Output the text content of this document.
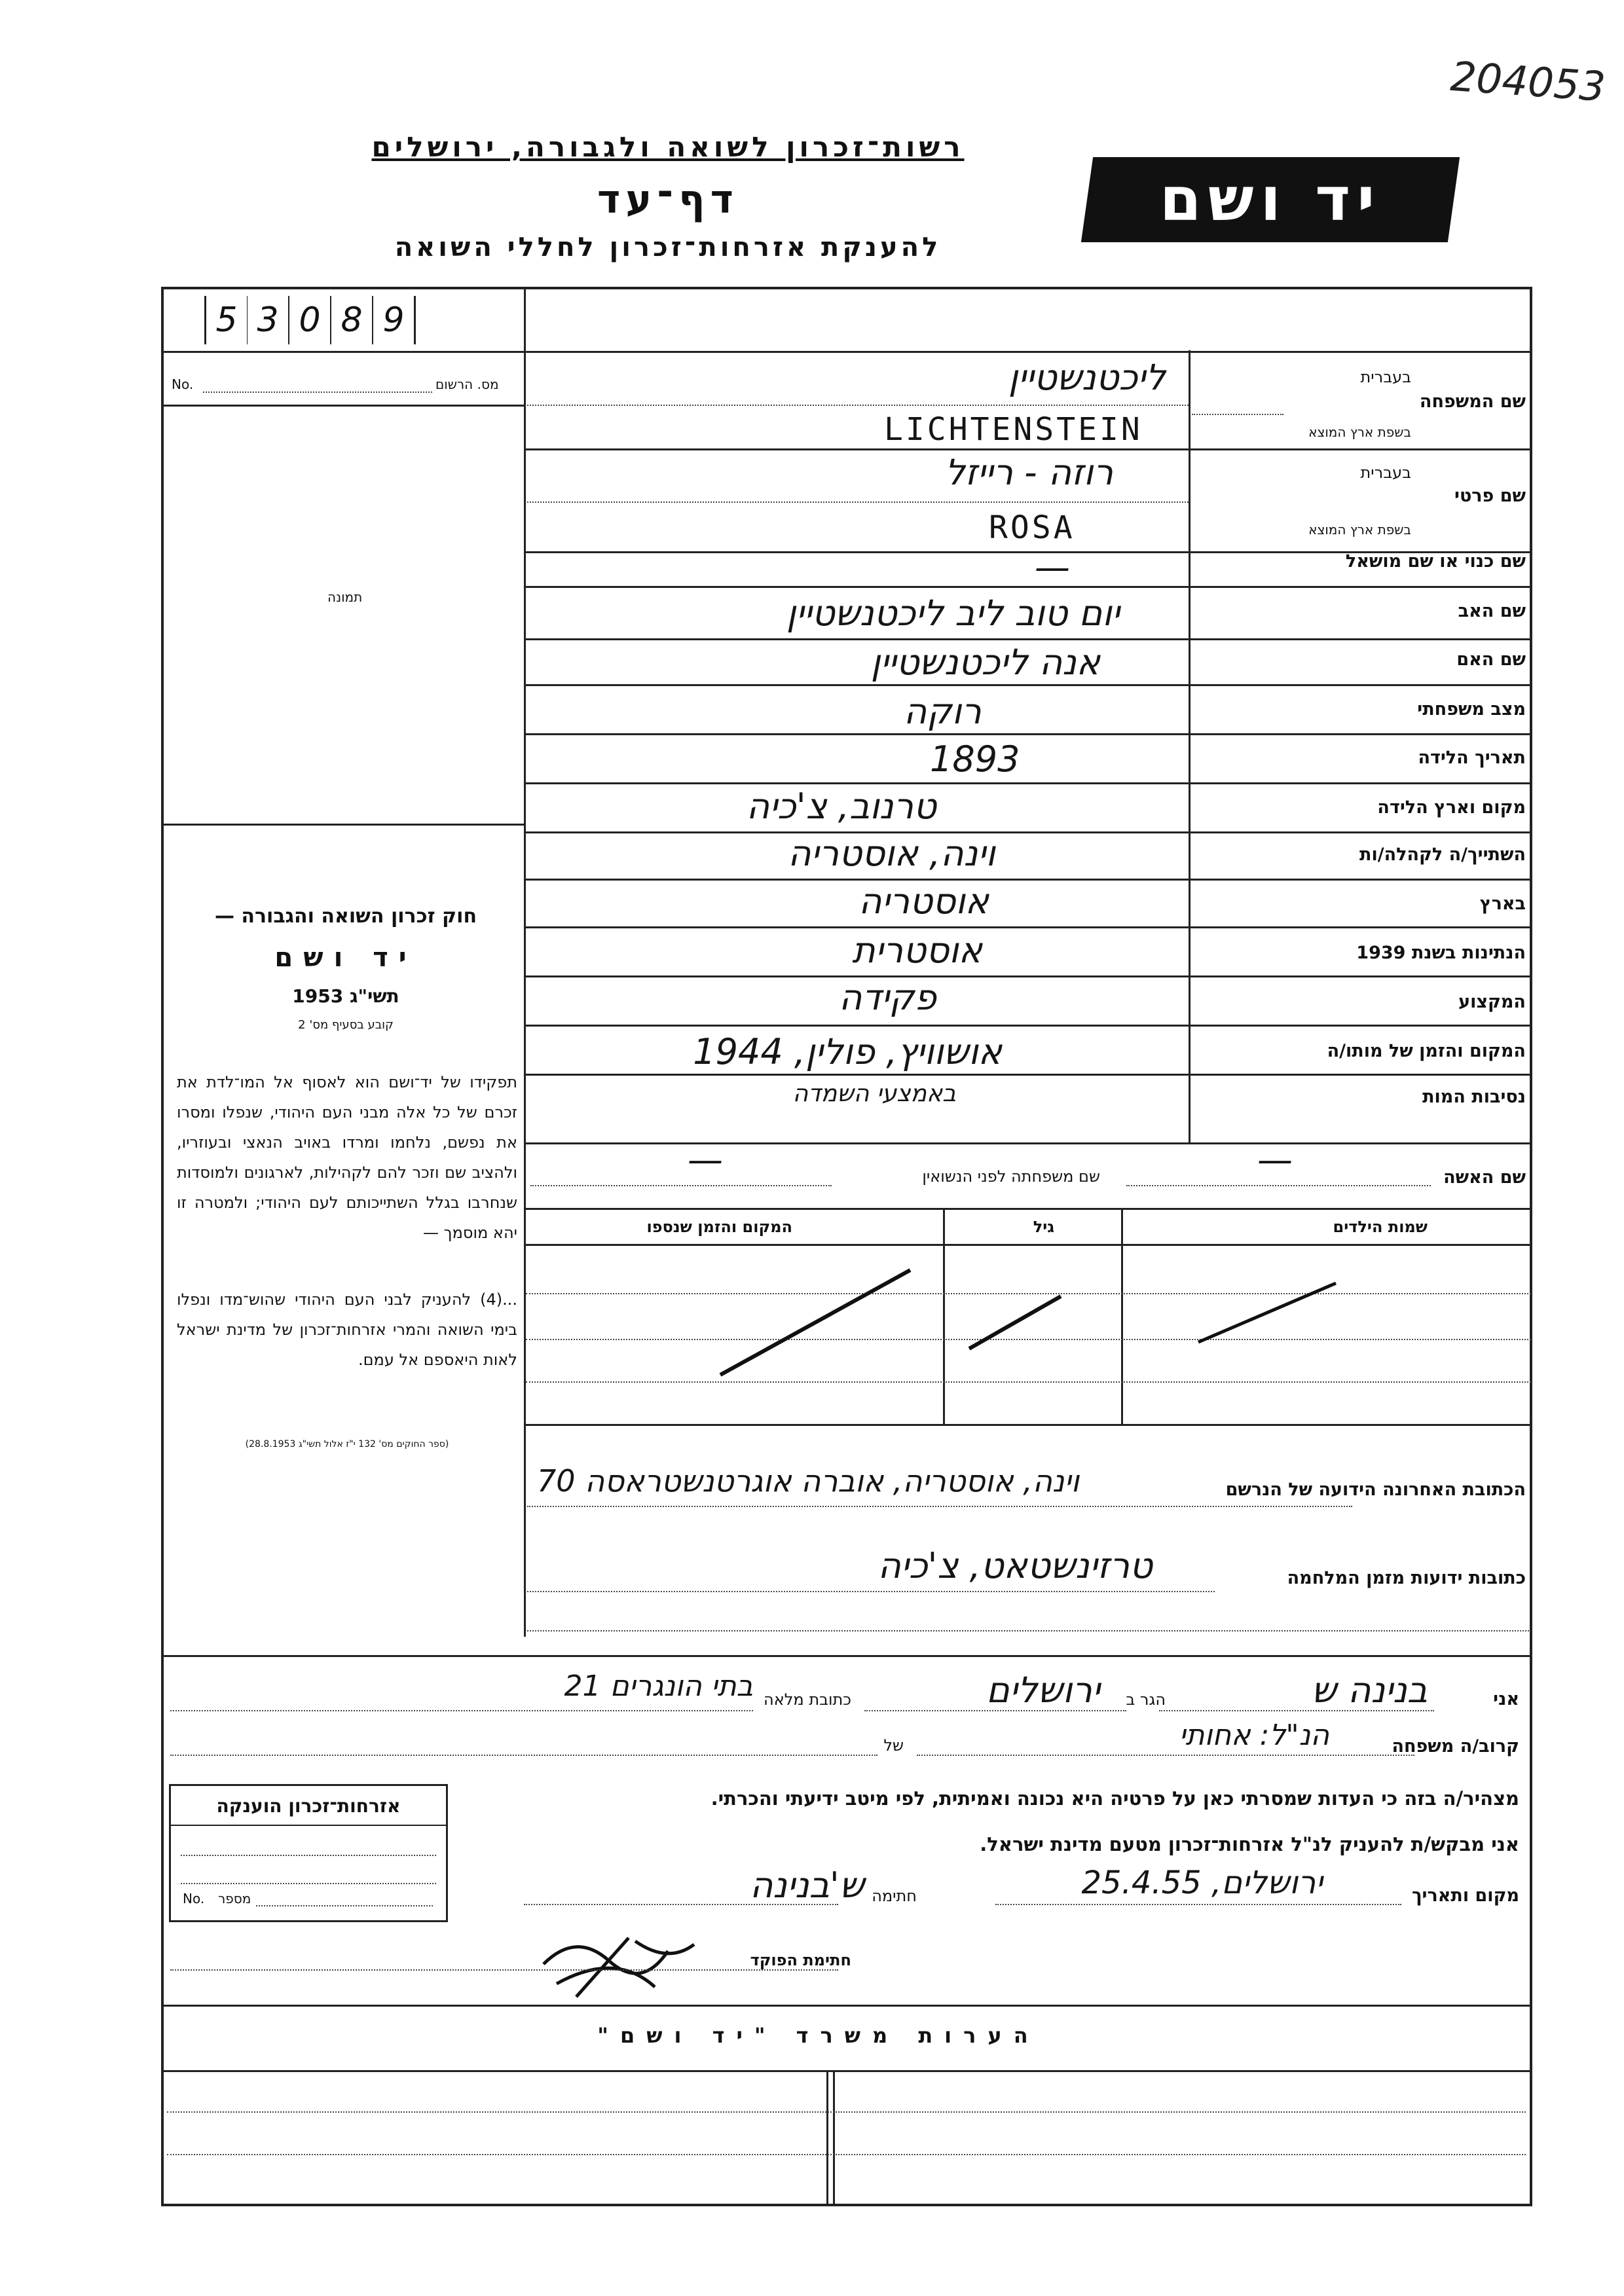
204053
רשות־זכרון לשואה ולגבורה, ירושלים
דף־עד
להענקת אזרחות־זכרון לחללי השואה
יד ושם
5 3 0 8 9
No.	מס. הרשום
תמונה
שם המשפחה
בעברית
בשפת ארץ המוצא
ליכטנשטיין
LICHTENSTEIN
שם פרטי
בעברית
בשפת ארץ המוצא
רוזה - רייזל
ROSA
שם כנוי או שם מושאל
—
שם האב
יום טוב ליב ליכטנשטיין
שם האם
אנה ליכטנשטיין
מצב משפחתי
רוקה
תאריך הלידה
1893
מקום וארץ הלידה
טרנוב, צ'כיה
השתייך/ה לקהלה/ות
וינה, אוסטריה
בארץ
אוסטריה
הנתינות בשנת 1939
אוסטרית
המקצוע
פקידה
המקום והזמן של מותו/ה
אושוויץ, פולין, 1944
נסיבות המות
באמצעי השמדה
חוק זכרון השואה והגבורה —
יד ושם
תשי"ג 1953
קובע בסעיף מס' 2
תפקידו של יד־ושם הוא לאסוף אל המו־לדת את זכרם של כל אלה מבני העם היהודי, שנפלו ומסרו את נפשם, נלחמו ומרדו באויב הנאצי ובעוזריו, ולהציב שם וזכר להם לקהילות, לארגונים ולמוסדות שנחרבו בגלל השתייכותם לעם היהודי; ולמטרה זו יהא מוסמך —
...(4) להעניק לבני העם היהודי שהוש־מדו ונפלו בימי השואה והמרי אזרחות־זכרון של מדינת ישראל לאות היאספם אל עמם.
(ספר החוקים מס' 132 י"ז אלול תשי"ג 28.8.1953)
—	שם האשה
שם משפחתה לפני הנשואין
—
שמות הילדים
גיל
המקום והזמן שנספו
הכתובת האחרונה הידועה של הנרשם
וינה, אוסטריה, אוברה אוגרטנשטראסה 70
כתובות ידועות מזמן המלחמה
טרזינשטאט, צ'כיה
אני
בנינה ש
הגר ב
ירושלים
כתובת מלאה
בתי הונגרים 21
קרוב/ה משפחה
הנ"ל: אחותי
של
מצהיר/ה בזה כי העדות שמסרתי כאן על פרטיה היא נכונה ואמיתית, לפי מיטב ידיעתי והכרתי.
אני מבקש/ת להעניק לנ"ל אזרחות־זכרון מטעם מדינת ישראל.
מקום ותאריך
ירושלים, 25.4.55
חתימה
ש'בנינה
חתימת הפוקד
אזרחות־זכרון הוענקה
No. מספר
הערות משרד "יד ושם"
